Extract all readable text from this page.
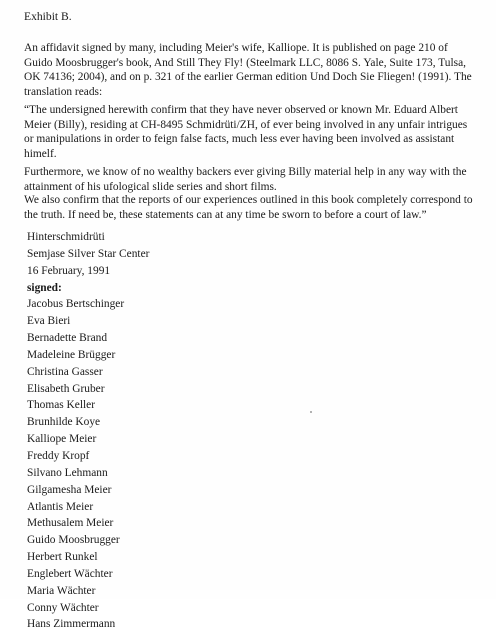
Exhibit B.

An affidavit signed by many, including Meier's wife, Kalliope. It is published on page 210 of Guido Moosbrugger's book, And Still They Fly! (Steelmark LLC, 8086 S. Yale, Suite 173, Tulsa, OK 74136; 2004), and on p. 321 of the earlier German edition Und Doch Sie Fliegen! (1991). The translation reads:

“The undersigned herewith confirm that they have never observed or known Mr. Eduard Albert Meier (Billy), residing at CH-8495 Schmidrüti/ZH, of ever being involved in any unfair intrigues or manipulations in order to feign false facts, much less ever having been involved as assistant himelf.

Furthermore, we know of no wealthy backers ever giving Billy material help in any way with the attainment of his ufological slide series and short films.

We also confirm that the reports of our experiences outlined in this book completely correspond to the truth. If need be, these statements can at any time be sworn to before a court of law.”

Hinterschmidrüti
Semjase Silver Star Center
16 February, 1991
signed:
Jacobus Bertschinger
Eva Bieri
Bernadette Brand
Madeleine Brügger
Christina Gasser
Elisabeth Gruber
Thomas Keller
Brunhilde Koye
Kalliope Meier
Freddy Kropf
Silvano Lehmann
Gilgamesha Meier
Atlantis Meier
Methusalem Meier
Guido Moosbrugger
Herbert Runkel
Englebert Wächter
Maria Wächter
Conny Wächter
Hans Zimmermann
